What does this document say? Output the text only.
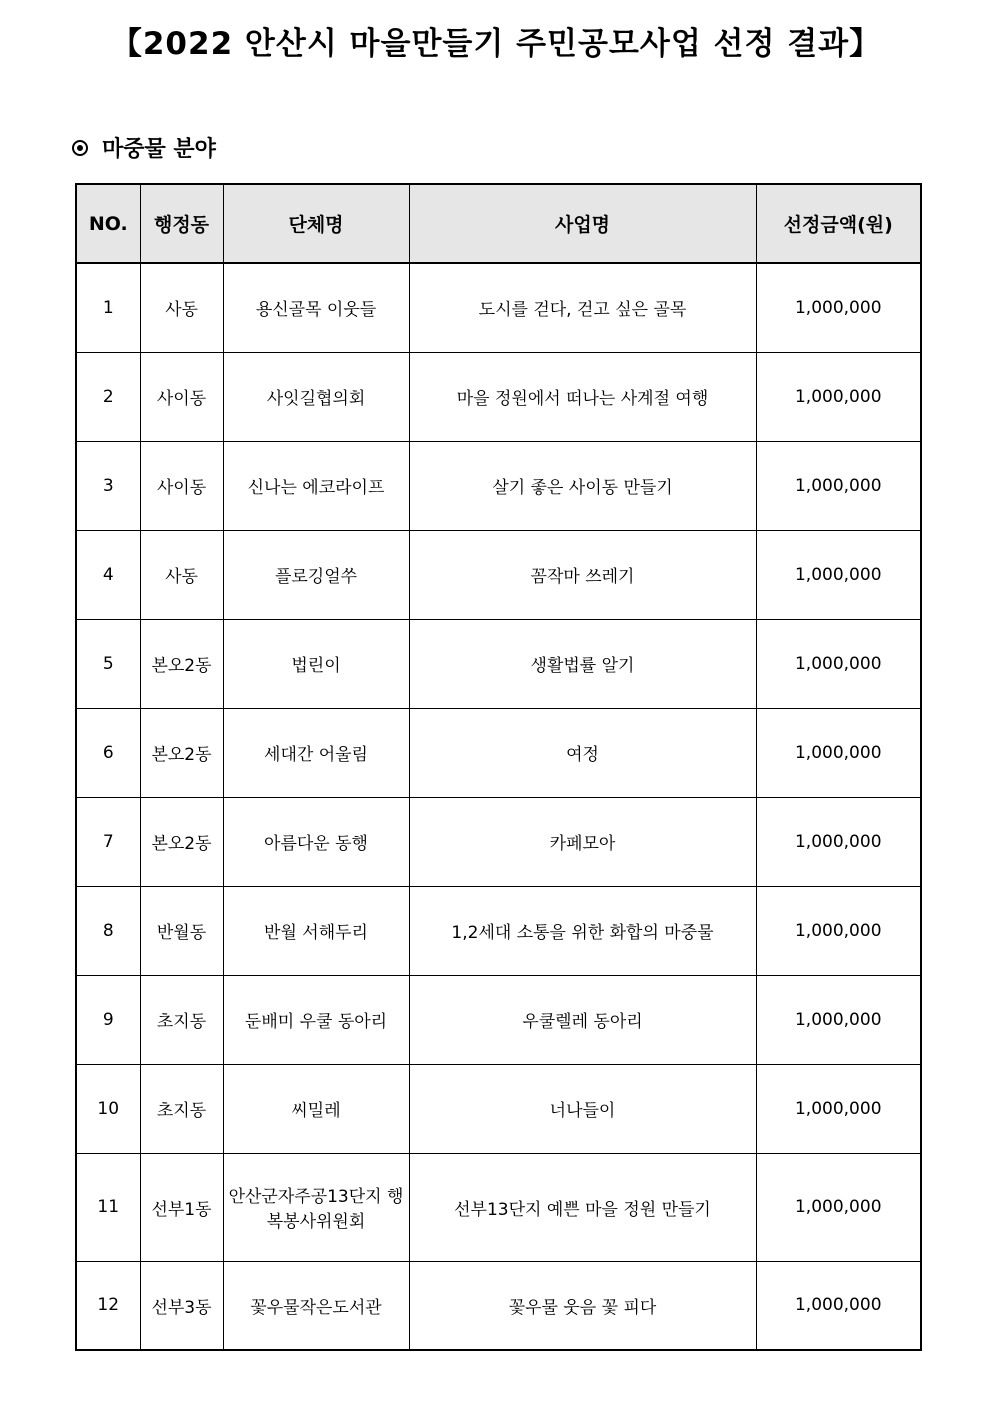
【2022 안산시 마을만들기 주민공모사업 선정 결과】
마중물 분야
NO.	행정동	단체명	사업명	선정금액(원)
1	사동	용신골목 이웃들	도시를 걷다, 걷고 싶은 골목	1,000,000
2	사이동	사잇길협의회	마을 정원에서 떠나는 사계절 여행	1,000,000
3	사이동	신나는 에코라이프	살기 좋은 사이동 만들기	1,000,000
4	사동	플로깅얼쑤	꼼작마 쓰레기	1,000,000
5	본오2동	법린이	생활법률 알기	1,000,000
6	본오2동	세대간 어울림	여정	1,000,000
7	본오2동	아름다운 동행	카페모아	1,000,000
8	반월동	반월 서해두리	1,2세대 소통을 위한 화합의 마중물	1,000,000
9	초지동	둔배미 우쿨 동아리	우쿨렐레 동아리	1,000,000
10	초지동	씨밀레	너나들이	1,000,000
11	선부1동	안산군자주공13단지 행복봉사위원회	선부13단지 예쁜 마을 정원 만들기	1,000,000
12	선부3동	꽃우물작은도서관	꽃우물 웃음 꽃 피다	1,000,000
